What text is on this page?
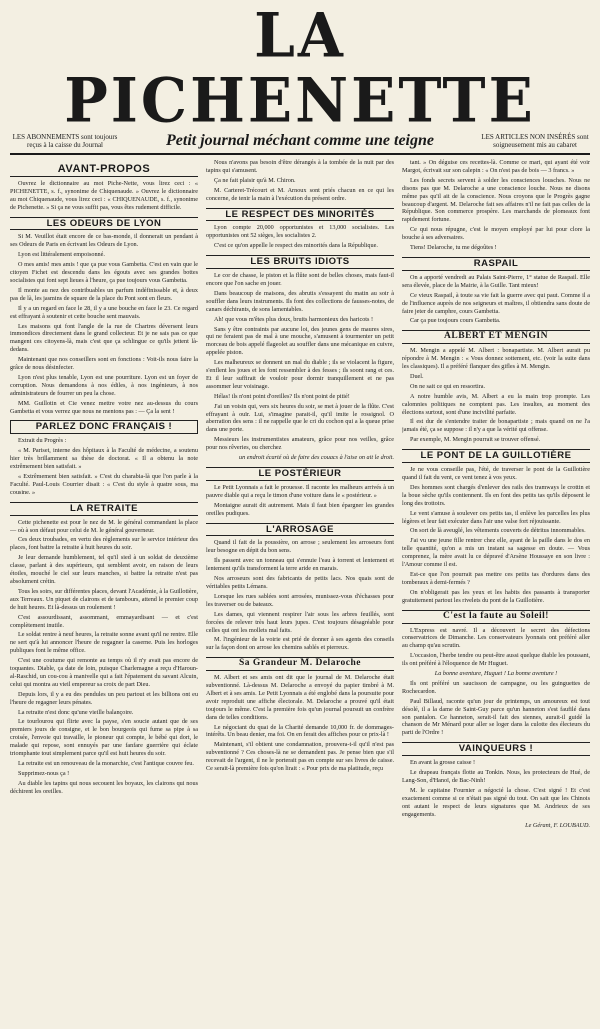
LA PICHENETTE
LES ABONNEMENTS sont toujours reçus à la caisse du Journal	Petit journal méchant comme une teigne	LES ARTICLES NON INSÉRÉS sont soigneusement mis au cabaret
AVANT-PROPOS

Ouvrez le dictionnaire au mot Piche-Nette, vous lirez ceci : « PICHENETTE, s. f., synonime de Chiquenaude. » Ouvrez le dictionnaire au mot Chiquenaude, vous lirez ceci : « CHIQUENAUDE, s. f., synonime de Pichenette. » Si ça ne vous suffit pas, vous êtes rudement difficile.

LES ODEURS DE LYON

Si M. Veuillot était encore de ce bas-monde, il donnerait un pendant à ses Odeurs de Paris en écrivant les Odeurs de Lyon.

Lyon est littéralement empoisonné.

O mes amis! mes amis ! que ça pue vous Gambetta. C'est en vain que le citoyen Fichet est descendu dans les égouts avec ses grandes bottes socialistes qui font sept lieues à l'heure, ça pue toujours vous Gambetta.

Il monte au nez des contribuables un parfum indéfinissable et, à deux pas de là, les jasmins de square de la place du Pont sont en fleurs.

Il y a un regard en face le 28, il y a une bouche en face le 23. Ce regard est effrayant à soutenir et cette bouche sent mauvais.

Les maisons qui font l'angle de la rue de Chartres déversent leurs immondices directement dans le grand collecteur. Et je ne sais pas ce que mangent ces citoyens-là, mais c'est que ça schlingue ce qu'ils jettent là-dedans.

Maintenant que nos conseillers sont en fonctions : Voit-ils nous faire la grâce de nous désinfecter.

Lyon n'est plus tenable, Lyon est une pourriture. Lyon est un foyer de corruption. Nous demandons à nos édiles, à nos ingénieurs, à nos administrateurs de fourrer un peu la chose.

MM. Guillotin et Cie venez mettre votre nez au-dessus du cours Gambetta et vous verrez que nous ne mentons pas : — Ça la sent !

PARLEZ DONC FRANÇAIS !

Extrait du Progrès :

« M. Pariset, interne des hôpitaux à la Faculté de médecine, a soutenu hier très brillamment sa thèse de doctorat. « Il a obtenu la note extrêmement bien satisfait. »

« Extrêmement bien satisfait. » C'est du charabia-là que l'on parle à la Faculté. Paul-Louis Courrier disait : « C'est du style à quatre sous, ma cousine. »

LA RETRAITE

Cette pichenette est pour le nez de M. le général commandant la place — où à son défaut pour celui de M. le général gouverneur.

Ces deux troubades, en vertu des règlements sur le service intérieur des places, font battre la retraite à huit heures du soir.

Je leur demande humblement, tel qu'il sied à un soldat de deuxième classe, parlant à des supérieurs, qui semblent avoir, en raison de leurs étoiles, mouché le ciel sur leurs manches, si battre la retraite n'est pas absolument crétin.

Tous les soirs, sur différentes places, devant l'Académie, à la Guillotière, aux Terreaux. Un piquet de clairons et de tambours, attend le premier coup de huit heures. Et là-dessus un roulement !

C'est assourdissant, assommant, emmayardisant — et c'est complètement inutile.

Le soldat rentre à neuf heures, la retraite sonne avant qu'il ne rentre. Elle ne sert qu'à lui annoncer l'heure de regagner la caserne. Puis les horloges publiques font le même office.

C'est une coutume qui remonte au temps où il n'y avait pas encore de toquantes. Diable, ça date de loin, puisque Charlemagne a reçu d'Haroun-al-Raschid, un cou-cou à manivelle qui a fait l'épatement du savant Alcuin, celui qui montra au vieil empereur sa croix de part Dieu.

Depuis lors, il y a eu des pendules un peu partout et les billions ont eu l'heure de regagner leurs pénates.

La retraite n'est donc qu'une vieille balançoire.

Le tourlourou qui flirte avec la payse, s'en soucie autant que de ses premiers jours de consigne, et le bon bourgeois qui fume sa pipe à sa croisée, l'envoie qui travaille, le pioneur qui compte, le bébé qui dort, le malade qui repose, sont ennuyés par une fanfare guerrière qui éclate triomphante tout simplement parce qu'il est huit heures du soir.

La retraite est un renouveau de la monarchie, c'est l'antique couvre feu.

Supprimez-nous ça !

Au diable les tapins qui nous secouent les boyaux, les clairons qui nous déchirent les oreilles.

Nous n'avons pas besoin d'être dérangés à la tombée de la nuit par des tapins qui s'amusent.

Ça ne fait plaisir qu'à M. Chiron.

M. Carteret-Trécourt et M. Arnoux sont priés chacun en ce qui les concerne, de tenir la main à l'exécution du présent ordre.

LE RESPECT DES MINORITÉS

Lyon compte 20,000 opportunistes et 13,000 socialistes. Les opportunistes ont 52 sièges, les socialistes 2.

C'est ce qu'on appelle le respect des minorités dans la République.

LES BRUITS IDIOTS

Le cor de chasse, le piston et la flûte sont de belles choses, mais faut-il encore que l'on sache en jouer.

Dans beaucoup de maisons, des abrutis s'essayent du matin au soir à souffler dans leurs instruments. Ils font des collections de fausses-notes, de canars déchirants, de sons lamentables.

Ah! que vous m'êtes plus doux, bruits harmonieux des haricots !

Sans y être contraints par aucune loi, des jeunes gens de maures sires, qui ne feraient pas de mal à une mouche, s'amusent à tourmenter un petit morceau de bois appelé flageolet au souffler dans une mécanique en cuivre, appelée piston.

Les malheureux se donnent un mal du diable ; ils se violacent la figure, s'enflent les joues et les font ressembler à des fesses ; ils soont rang et ces. Et il leur suffirait de vouloir pour dormir tranquillement et ne pas assommer leur voisinage.

Hélas! ils n'ont point d'oreilles? Ils n'ont point de pitié!

J'ai un voisin qui, vers six heures du soir, se met à jouer de la flûte. C'est effrayant à ouïr. Lui, s'imagine parait-il, qu'il imite le rossignol. O aberration des sens : il ne rappelle que le cri du cochon qui a la queue prise dans une porte.

Messieurs les instrumentistes amateurs, grâce pour nos veilles, grâce pour nos rêveries, ou cherchez

un endroit écarté où de faire des couacs à l'aise on ait le droit.

LE POSTÉRIEUR

Le Petit Lyonnais a fait le prouesse. Il raconte les malheurs arrivés à un pauvre diable qui a reçu le timon d'une voiture dans le « postérieur. »

Montaigne aurait dit autrement. Mais il faut bien épargner les grandes oreilles pudiques.

L'ARROSAGE

Quand il fait de la poussière, on arrose ; seulement les arroseurs font leur besogne en dépit du bon sens.

Ils passent avec un tonneau qui s'ennuie l'eau à torrent et lentement et lentement qu'ils transforment la terre aride en marais.

Nos arroseurs sont des fabricants de petits lacs. Nos quais sont de véritables petits Lémans.

Lorsque les rues sablées sont arrosées, munissez-vous d'échasses pour les traverser ou de bateaux.

Les dames, qui viennent respirer l'air sous les arbres feuillés, sont forcées de relever très haut leurs jupes. C'est toujours désagréable pour celles qui ont les mollets mal faits.

M. l'ingénieur de la voirie est prié de donner à ses agents des conseils sur la façon dont on arrose les chemins sablés et pierreux.

Sa Grandeur M. Delaroche

M. Albert et ses amis ont dit que le journal de M. Delaroche était subventionné. Là-dessus M. Delaroche a envoyé du papier timbré à M. Albert et à ses amis. Le Petit Lyonnais a été englobé dans la poursuite pour avoir reproduit une affiche électorale. M. Delaroche a prouvé qu'il était toujours le même. C'est la première fois qu'un journal poursuit un confrère dans de telles conditions.

Le négociant du quai de la Charité demande 10,000 fr. de dommages-intérêts. Un beau denier, ma foi. On en ferait des affiches pour ce prix-là !

Maintenant, s'il obtient une condamnation, prouvera-t-il qu'il n'est pas subventionné ? Ces choses-là ne se demandent pas. Je pense bien que s'il recevait de l'argent, il ne le porterait pas en compte sur ses livres de caisse. Ce serait-là première fois qu'on lirait : « Pour prix de ma platitude, reçu

tant. » On déguise ces recettes-là. Comme ce mari, qui ayant été voir Margot, écrivait sur son calepin : « On n'est pas de bois — 3 francs. »

Les fonds secrets servent à solder les consciences lousches. Nous ne disons pas que M. Delaroche a une conscience louche. Nous ne disons même pas qu'il ait de la conscience. Nous croyons que le Progrès gagne beaucoup d'argent. M. Delaroche fait ses affaires n'il ne fait pas celles de la République. Son commerce prospère. Les marchands de plomeaux font rapidement fortune.

Ce qui nous répugne, c'est le moyen employé par lui pour clore la bouche à ses adversaires.

Tiens! Delaroche, tu me dégoûtes !

RASPAIL

On a apporté vendredi au Palais Saint-Pierre, 1° statue de Raspail. Elle sera élevée, place de la Mairie, à la Guille. Tant mieux!

Ce vieux Raspail, à toute sa vie fait la guerre avec qui paut. Comme il a de l'influence auprès de nos seigneurs et maîtres, il obtiendra sans doute de faire jeter de camphre, cours Gambetta.

Car ça pue toujours cours Gambetta.

ALBERT ET MENGIN

M. Mengin a appelé M. Albert : bonapartiste. M. Albert aurait pu répondre à M. Mengin : « Vous donnez sottement, etc. (voir la suite dans les classiques). Il a préféré flanquer des gifles à M. Mengin.

Duel.

On ne sait ce qui en ressortira.

A notre humble avis, M. Albert a eu la main trop prompte. Les calomnies politiques ne comptent pas. Les insultes, au moment des élections surtout, sont d'une incivilité parfaite.

Il est dur de s'entendre traiter de bonapartiste ; mais quand on ne l'a jamais été, ça se suppose : il n'y a que la vérité qui offense.

Par exemple, M. Mengin pourrait se trouver offensé.

LE PONT DE LA GUILLOTIÈRE

Je ne vous conseille pas, l'été, de traverser le pont de la Guillotière quand il fait du vent, ce vent tenez à vos yeux.

Des hommes sont chargés d'enlever des rails des tramways le crottin et la boue sèche qu'ils contiennent. Ils en font des petits tas qu'ils déposent le long des trottoirs.

Le vent s'amuse à soulever ces petits tas, il enlève les parcelles les plus légères et leur fait exécuter dans l'air une valse fort réjouissante.

On sort de là aveuglé, les vêtements couverts de détritus innommables.

J'ai vu une jeune fille rentrer chez elle, ayant de la paille dans le dos en telle quantité, qu'on a mis un instant sa sagesse en doute. — Vous comprenez, la mère avait lu ce dépravé d'Arsène Houssaye en son livre : l'Amour comme il est.

Est-ce que l'on pourrait pas mettre ces petits tas d'ordures dans des tomberaux à demi-fermés ?

On n'obligerait pas les yeux et les habits des passants à transporter gratuitement partout les rivelets du pont de la Guillotière.

C'est la faute au Soleil!

L'Express est navré. Il a découvert le secret des défections conservatrices de Dimanche. Les conservateurs lyonnais ont préféré aller au champ qu'au scrutin.

L'occasion, l'herbe tendre ou peut-être aussi quelque diable les poussant, ils ont préféré à l'éloquence de Mr Huguet.

La bonne aventure, Huguet ! La bonne aventure !

Ils ont préféré un saucisson de campagne, ou les guinguettes de Rochecardon.

Paul Billaud, raconte qu'un jour de printemps, un amoureux est tout désolé, il a la dame de Saint-Guy parce qu'un hanneton s'est faufilé dans son pantalon. Ce hanneton, serait-il fait des siennes, aurait-il guidé la chanson de Mr Ménard pour aller se loger dans la culotte des électeurs du parti de l'Ordre !

VAINQUEURS !

En avant la grosse caisse !

Le drapeau français flotte au Tonkin. Nous, les protecteurs de Hué, de Lang-Son, d'Hanoï, de Bac-Ninh!

M. le capitaine Fournier a négocié la chose. C'est signé ! Et c'est exactement comme si ce n'était pas signé du tout. On sait que les Chinois ont autant le respect de leurs signatures que M. Andrieux de ses engagements.

Le Gérant, F. LOUBAUD.
